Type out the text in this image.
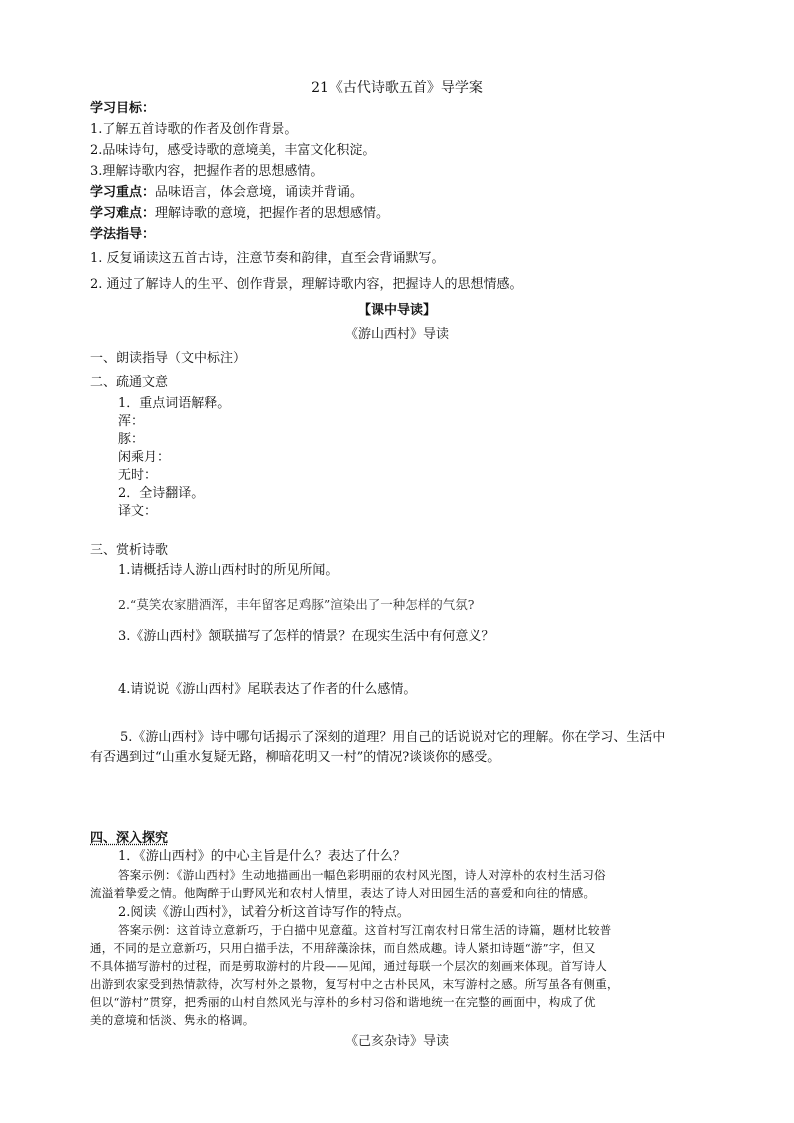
21《古代诗歌五首》导学案
学习目标：
1.了解五首诗歌的作者及创作背景。
2.品味诗句，感受诗歌的意境美，丰富文化积淀。
3.理解诗歌内容，把握作者的思想感情。
学习重点：品味语言，体会意境，诵读并背诵。
学习难点：理解诗歌的意境，把握作者的思想感情。
学法指导：
1. 反复诵读这五首古诗，注意节奏和韵律，直至会背诵默写。
2. 通过了解诗人的生平、创作背景，理解诗歌内容，把握诗人的思想情感。
【课中导读】
《游山西村》导读
一、朗读指导（文中标注）
二、疏通文意
1．重点词语解释。
浑：
豚：
闲乘月：
无时：
2．全诗翻译。
译文：
三、赏析诗歌
1.请概括诗人游山西村时的所见所闻。
2.“莫笑农家腊酒浑，丰年留客足鸡豚”渲染出了一种怎样的气氛?
3.《游山西村》颔联描写了怎样的情景？在现实生活中有何意义？
4.请说说《游山西村》尾联表达了作者的什么感情。
5.《游山西村》诗中哪句话揭示了深刻的道理？用自己的话说说对它的理解。你在学习、生活中
有否遇到过“山重水复疑无路，柳暗花明又一村”的情况?谈谈你的感受。
四、深入探究
1．《游山西村》的中心主旨是什么？表达了什么？
答案示例：《游山西村》生动地描画出一幅色彩明丽的农村风光图，诗人对淳朴的农村生活习俗
流溢着挚爱之情。他陶醉于山野风光和农村人情里，表达了诗人对田园生活的喜爱和向往的情感。
2.阅读《游山西村》，试着分析这首诗写作的特点。
答案示例：这首诗立意新巧，于白描中见意蕴。这首村写江南农村日常生活的诗篇，题材比较普
通，不同的是立意新巧，只用白描手法，不用辞藻涂抹，而自然成趣。诗人紧扣诗题“游”字，但又
不具体描写游村的过程，而是剪取游村的片段——见闻，通过每联一个层次的刻画来体现。首写诗人
出游到农家受到热情款待，次写村外之景物，复写村中之古朴民风，末写游村之感。所写虽各有侧重，
但以“游村”贯穿，把秀丽的山村自然风光与淳朴的乡村习俗和谐地统一在完整的画面中，构成了优
美的意境和恬淡、隽永的格调。
《己亥杂诗》导读
